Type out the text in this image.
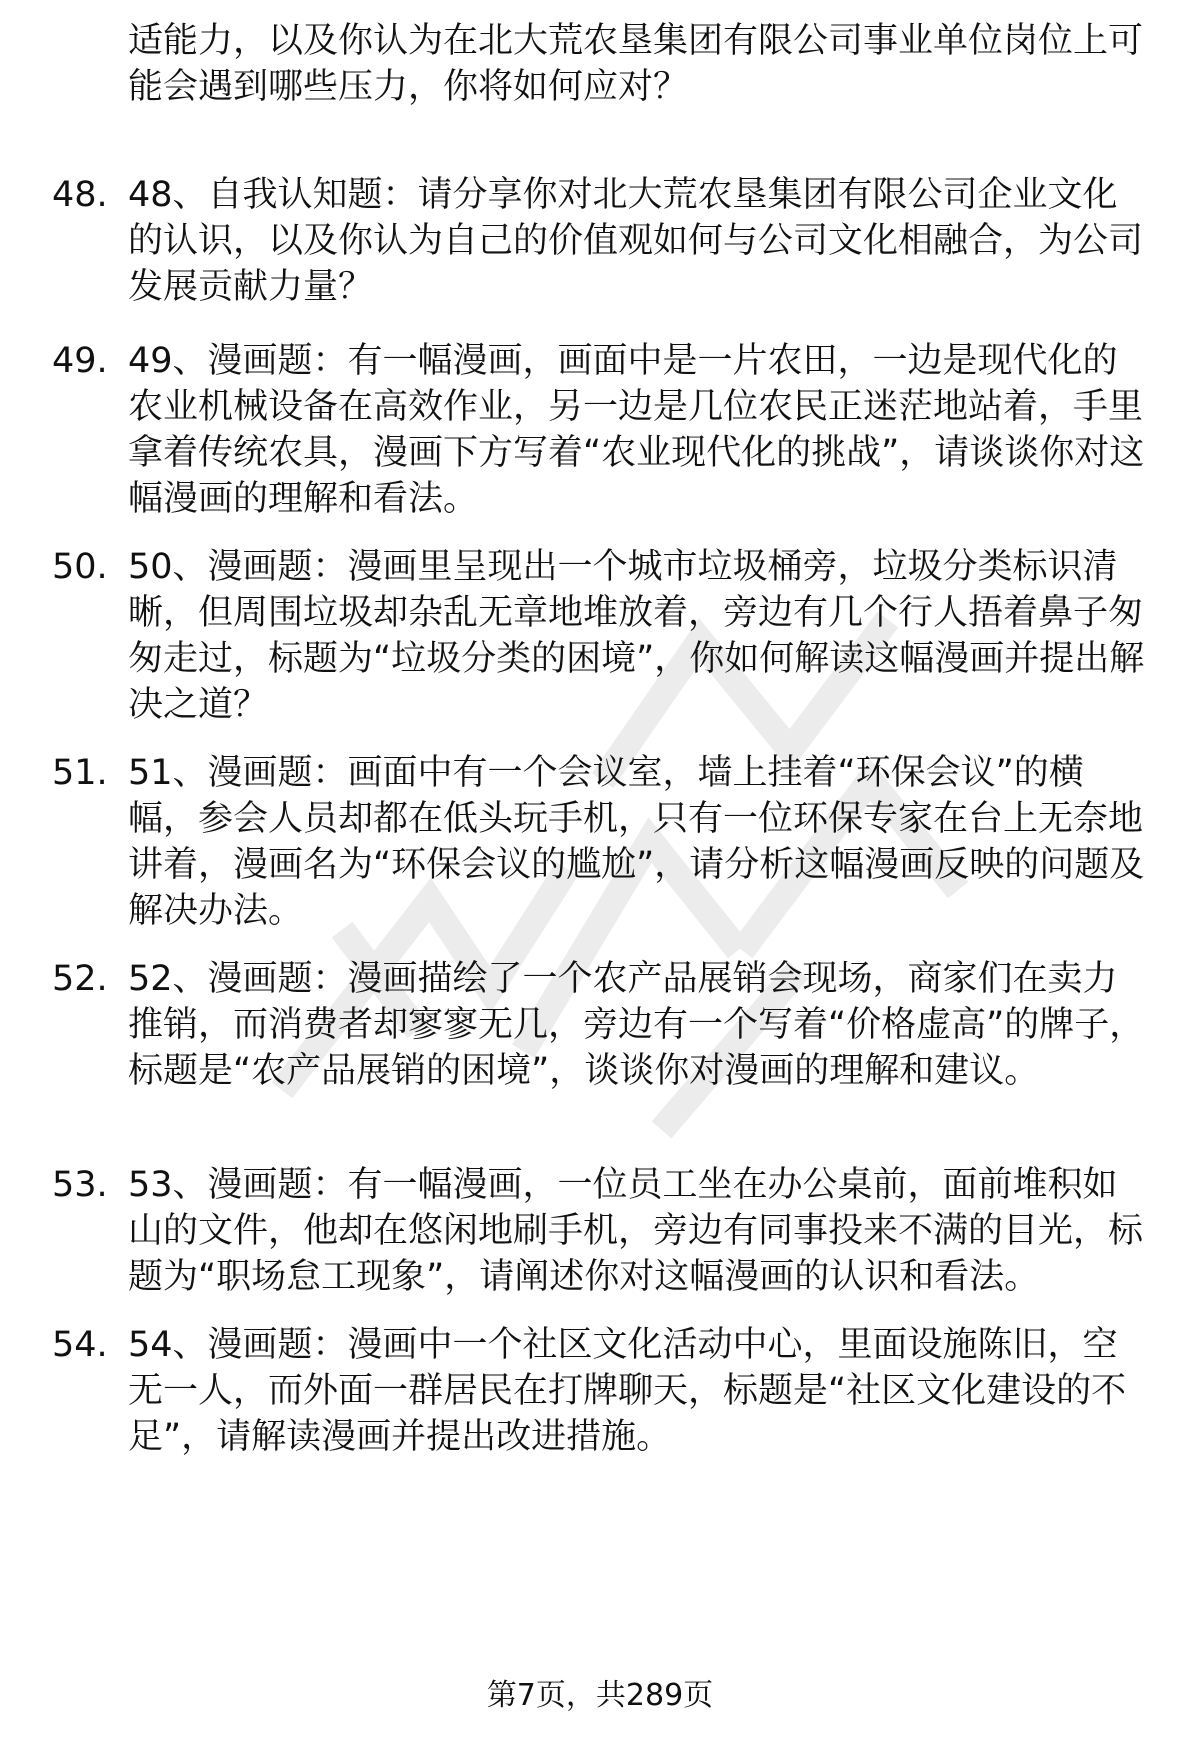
适能力，以及你认为在北大荒农垦集团有限公司事业单位岗位上可能会遇到哪些压力，你将如何应对？
48. 48、自我认知题：请分享你对北大荒农垦集团有限公司企业文化的认识，以及你认为自己的价值观如何与公司文化相融合，为公司发展贡献力量？
49. 49、漫画题：有一幅漫画，画面中是一片农田，一边是现代化的农业机械设备在高效作业，另一边是几位农民正迷茫地站着，手里拿着传统农具，漫画下方写着“农业现代化的挑战”，请谈谈你对这幅漫画的理解和看法。
50. 50、漫画题：漫画里呈现出一个城市垃圾桶旁，垃圾分类标识清晰，但周围垃圾却杂乱无章地堆放着，旁边有几个行人捂着鼻子匆匆走过，标题为“垃圾分类的困境”，你如何解读这幅漫画并提出解决之道？
51. 51、漫画题：画面中有一个会议室，墙上挂着“环保会议”的横幅，参会人员却都在低头玩手机，只有一位环保专家在台上无奈地讲着，漫画名为“环保会议的尴尬”，请分析这幅漫画反映的问题及解决办法。
52. 52、漫画题：漫画描绘了一个农产品展销会现场，商家们在卖力推销，而消费者却寥寥无几，旁边有一个写着“价格虚高”的牌子，标题是“农产品展销的困境”，谈谈你对漫画的理解和建议。
53. 53、漫画题：有一幅漫画，一位员工坐在办公桌前，面前堆积如山的文件，他却在悠闲地刷手机，旁边有同事投来不满的目光，标题为“职场怠工现象”，请阐述你对这幅漫画的认识和看法。
54. 54、漫画题：漫画中一个社区文化活动中心，里面设施陈旧，空无一人，而外面一群居民在打牌聊天，标题是“社区文化建设的不足”，请解读漫画并提出改进措施。
第7页，共289页
